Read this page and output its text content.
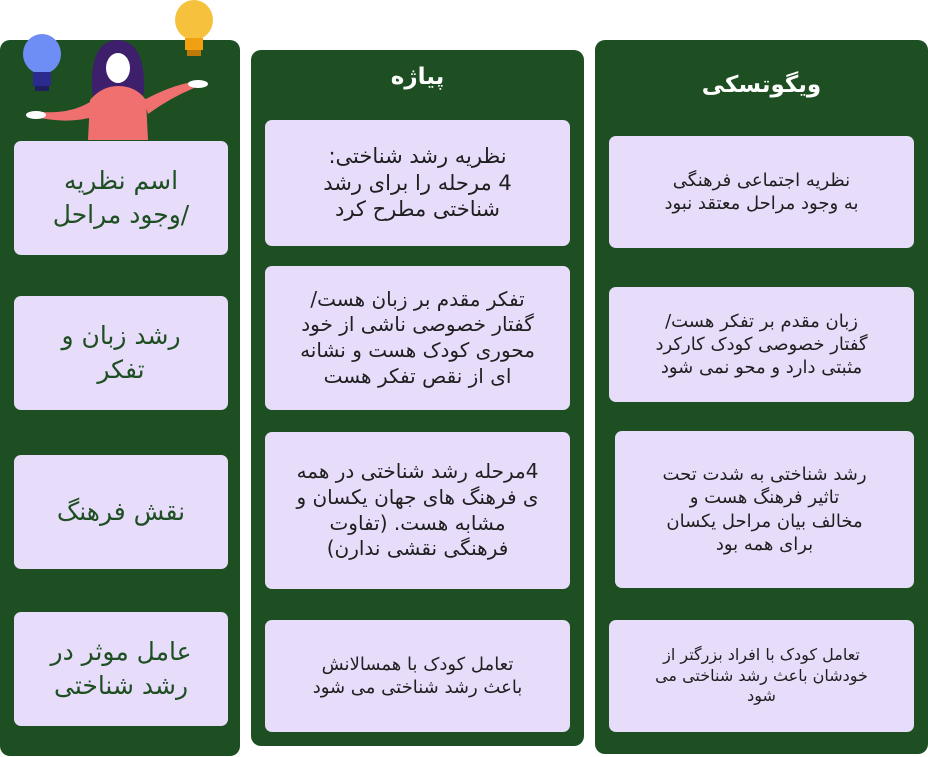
اسم نظریه
/وجود مراحل
رشد زبان و
تفکر
نقش فرهنگ
عامل موثر در
رشد شناختی
پیاژه
نظریه رشد شناختی:
4 مرحله را برای رشد
شناختی مطرح کرد
تفکر مقدم بر زبان هست/
گفتار خصوصی ناشی از خود
محوری کودک هست و نشانه
ای از نقص تفکر هست
4مرحله رشد شناختی در همه
ی فرهنگ های جهان یکسان و
مشابه هست. (تفاوت
فرهنگی نقشی ندارن)
تعامل کودک با همسالانش
باعث رشد شناختی می شود
ویگوتسکی
نظریه اجتماعی فرهنگی
به وجود مراحل معتقد نبود
زبان مقدم بر تفکر هست/
گفتار خصوصی کودک کارکرد
مثبتی دارد و محو نمی شود
رشد شناختی به شدت تحت
تاثیر فرهنگ هست و
مخالف بیان مراحل یکسان
برای همه بود
تعامل کودک با افراد بزرگتر از
خودشان باعث رشد شناختی می
شود
